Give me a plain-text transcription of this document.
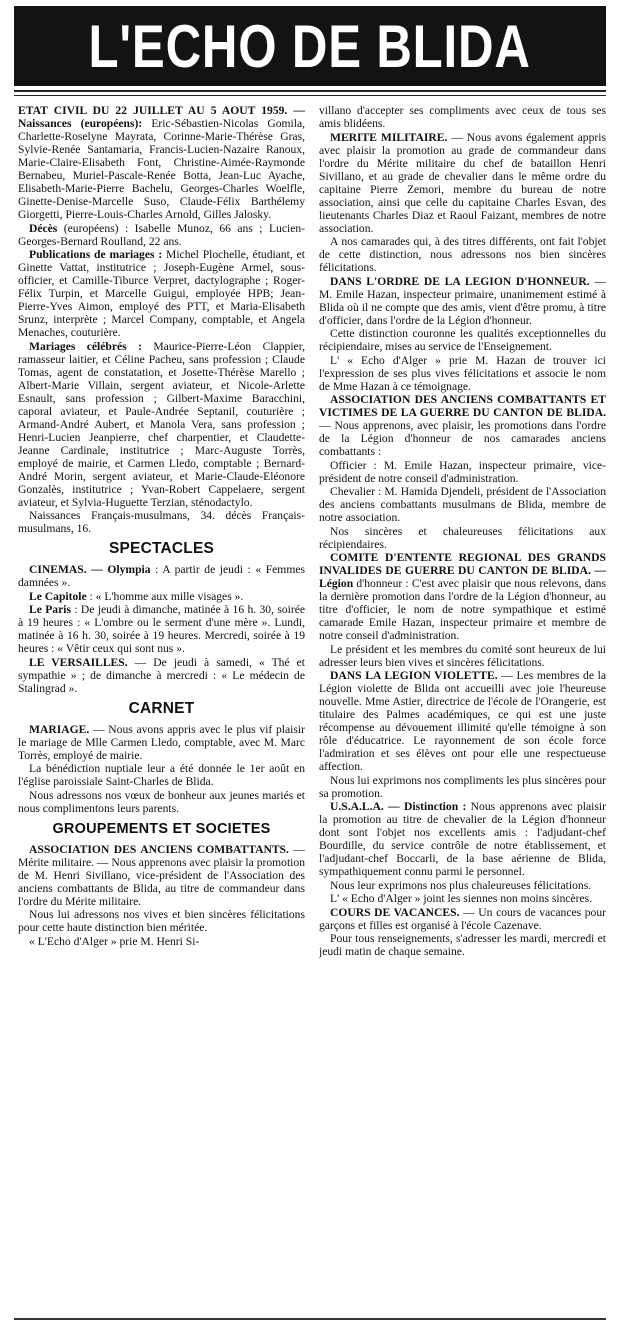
L'ECHO DE BLIDA

ETAT CIVIL DU 22 JUILLET AU 5 AOUT 1959. — Naissances (européens): Eric-Sébastien-Nicolas Gomila, Charlette-Roselyne Mayrata, Corinne-Marie-Thérèse Gras, Sylvie-Renée Santamaria, Francis-Lucien-Nazaire Ranoux, Marie-Claire-Elisabeth Font, Christine-Aimée-Raymonde Bernabeu, Muriel-Pascale-Renée Botta, Jean-Luc Ayache, Elisabeth-Marie-Pierre Bachelu, Georges-Charles Woelfle, Ginette-Denise-Marcelle Suso, Claude-Félix Barthélemy Giorgetti, Pierre-Louis-Charles Arnold, Gilles Jalosky.

Décès (européens) : Isabelle Munoz, 66 ans ; Lucien-Georges-Bernard Roulland, 22 ans.

Publications de mariages : Michel Plochelle, étudiant, et Ginette Vattat, institutrice ; Joseph-Eugène Armel, sous-officier, et Camille-Tiburce Verpret, dactylographe ; Roger-Félix Turpin, et Marcelle Guigui, employée HPB; Jean-Pierre-Yves Aimon, employé des PTT, et Maria-Elisabeth Srunz, interprète ; Marcel Company, comptable, et Angela Menaches, couturière.

Mariages célébrés : Maurice-Pierre-Léon Clappier, ramasseur laitier, et Céline Pacheu, sans profession ; Claude Tomas, agent de constatation, et Josette-Thérèse Marello ; Albert-Marie Villain, sergent aviateur, et Nicole-Arlette Esnault, sans profession ; Gilbert-Maxime Baracchini, caporal aviateur, et Paule-Andrée Septanil, couturière ; Armand-André Aubert, et Manola Vera, sans profession ; Henri-Lucien Jeanpierre, chef charpentier, et Claudette-Jeanne Cardinale, institutrice ; Marc-Auguste Torrès, employé de mairie, et Carmen Lledo, comptable ; Bernard-André Morin, sergent aviateur, et Marie-Claude-Eléonore Gonzalès, institutrice ; Yvan-Robert Cappelaere, sergent aviateur, et Sylvia-Huguette Terzian, sténodactylo.

Naissances Français-musulmans, 34. décès Français-musulmans, 16.

SPECTACLES

CINEMAS. — Olympia : A partir de jeudi : « Femmes damnées ».

Le Capitole : « L'homme aux mille visages ».

Le Paris : De jeudi à dimanche, matinée à 16 h. 30, soirée à 19 heures : « L'ombre ou le serment d'une mère ». Lundi, matinée à 16 h. 30, soirée à 19 heures. Mercredi, soirée à 19 heures : « Vêtir ceux qui sont nus ».

LE VERSAILLES. — De jeudi à samedi, « Thé et sympathie » ; de dimanche à mercredi : « Le médecin de Stalingrad ».

CARNET

MARIAGE. — Nous avons appris avec le plus vif plaisir le mariage de Mlle Carmen Lledo, comptable, avec M. Marc Torrès, employé de mairie.

La bénédiction nuptiale leur a été donnée le 1er août en l'église paroissiale Saint-Charles de Blida.

Nous adressons nos vœux de bonheur aux jeunes mariés et nous complimentons leurs parents.

GROUPEMENTS ET SOCIETES

ASSOCIATION DES ANCIENS COMBATTANTS. — Mérite militaire. — Nous apprenons avec plaisir la promotion de M. Henri Sivillano, vice-président de l'Association des anciens combattants de Blida, au titre de commandeur dans l'ordre du Mérite militaire.

Nous lui adressons nos vives et bien sincères félicitations pour cette haute distinction bien méritée.

« L'Echo d'Alger » prie M. Henri Si-

villano d'accepter ses compliments avec ceux de tous ses amis blidéens.

MERITE MILITAIRE. — Nous avons également appris avec plaisir la promotion au grade de commandeur dans l'ordre du Mérite militaire du chef de bataillon Henri Sivillano, et au grade de chevalier dans le même ordre du capitaine Pierre Zemori, membre du bureau de notre association, ainsi que celle du capitaine Charles Esvan, des lieutenants Charles Diaz et Raoul Faizant, membres de notre association.

A nos camarades qui, à des titres différents, ont fait l'objet de cette distinction, nous adressons nos bien sincères félicitations.

DANS L'ORDRE DE LA LEGION D'HONNEUR. — M. Emile Hazan, inspecteur primaire, unanimement estimé à Blida où il ne compte que des amis, vient d'être promu, à titre d'officier, dans l'ordre de la Légion d'honneur.

Cette distinction couronne les qualités exceptionnelles du récipiendaire, mises au service de l'Enseignement.

L' « Echo d'Alger » prie M. Hazan de trouver ici l'expression de ses plus vives félicitations et associe le nom de Mme Hazan à ce témoignage.

ASSOCIATION DES ANCIENS COMBATTANTS ET VICTIMES DE LA GUERRE DU CANTON DE BLIDA. — Nous apprenons, avec plaisir, les promotions dans l'ordre de la Légion d'honneur de nos camarades anciens combattants :

Officier : M. Emile Hazan, inspecteur primaire, vice-président de notre conseil d'administration.

Chevalier : M. Hamida Djendeli, président de l'Association des anciens combattants musulmans de Blida, membre de notre association.

Nos sincères et chaleureuses félicitations aux récipiendaires.

COMITE D'ENTENTE REGIONAL DES GRANDS INVALIDES DE GUERRE DU CANTON DE BLIDA. — Légion d'honneur : C'est avec plaisir que nous relevons, dans la dernière promotion dans l'ordre de la Légion d'honneur, au titre d'officier, le nom de notre sympathique et estimé camarade Emile Hazan, inspecteur primaire et membre de notre conseil d'administration.

Le président et les membres du comité sont heureux de lui adresser leurs bien vives et sincères félicitations.

DANS LA LEGION VIOLETTE. — Les membres de la Légion violette de Blida ont accueilli avec joie l'heureuse nouvelle. Mme Astier, directrice de l'école de l'Orangerie, est titulaire des Palmes académiques, ce qui est une juste récompense au dévouement illimité qu'elle témoigne à son rôle d'éducatrice. Le rayonnement de son école force l'admiration et ses élèves ont pour elle une respectueuse affection.

Nous lui exprimons nos compliments les plus sincères pour sa promotion.

U.S.A.L.A. — Distinction : Nous apprenons avec plaisir la promotion au titre de chevalier de la Légion d'honneur dont sont l'objet nos excellents amis : l'adjudant-chef Bourdille, du service contrôle de notre établissement, et l'adjudant-chef Boccarli, de la base aérienne de Blida, sympathiquement connu parmi le personnel.

Nous leur exprimons nos plus chaleureuses félicitations.

L' « Echo d'Alger » joint les siennes non moins sincères.

COURS DE VACANCES. — Un cours de vacances pour garçons et filles est organisé à l'école Cazenave.

Pour tous renseignements, s'adresser les mardi, mercredi et jeudi matin de chaque semaine.
